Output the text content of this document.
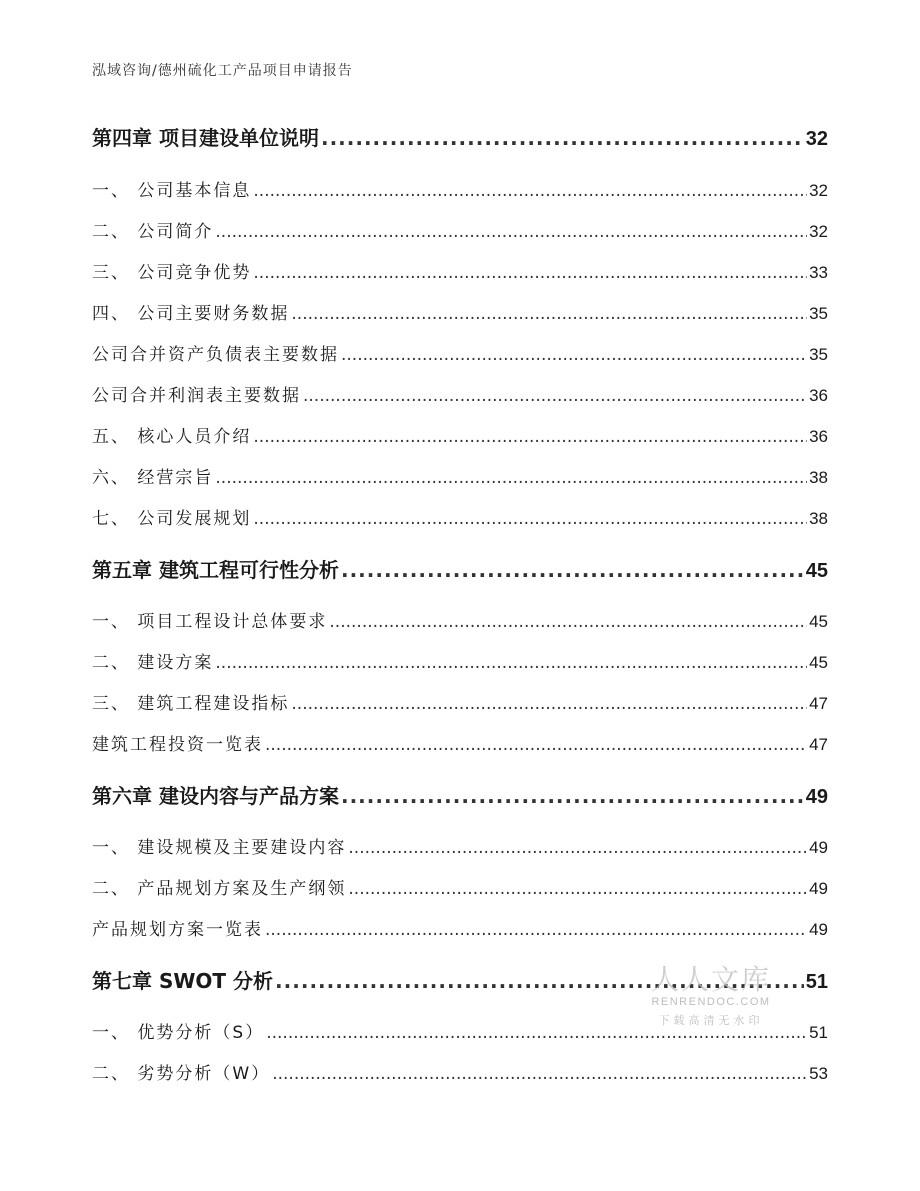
泓域咨询/德州硫化工产品项目申请报告
第四章 项目建设单位说明 .....	32
一、 公司基本信息 .....	32
二、 公司简介 .....	32
三、 公司竞争优势 .....	33
四、 公司主要财务数据 .....	35
公司合并资产负债表主要数据 .....	35
公司合并利润表主要数据 .....	36
五、 核心人员介绍 .....	36
六、 经营宗旨 .....	38
七、 公司发展规划 .....	38
第五章 建筑工程可行性分析 .....	45
一、 项目工程设计总体要求 .....	45
二、 建设方案 .....	45
三、 建筑工程建设指标 .....	47
建筑工程投资一览表 .....	47
第六章 建设内容与产品方案 .....	49
一、 建设规模及主要建设内容 .....	49
二、 产品规划方案及生产纲领 .....	49
产品规划方案一览表 .....	49
第七章 SWOT 分析 .....	51
一、 优势分析（S） .....	51
二、 劣势分析（W） .....	53
人人文库
RENRENDOC.COM
下载高清无水印
